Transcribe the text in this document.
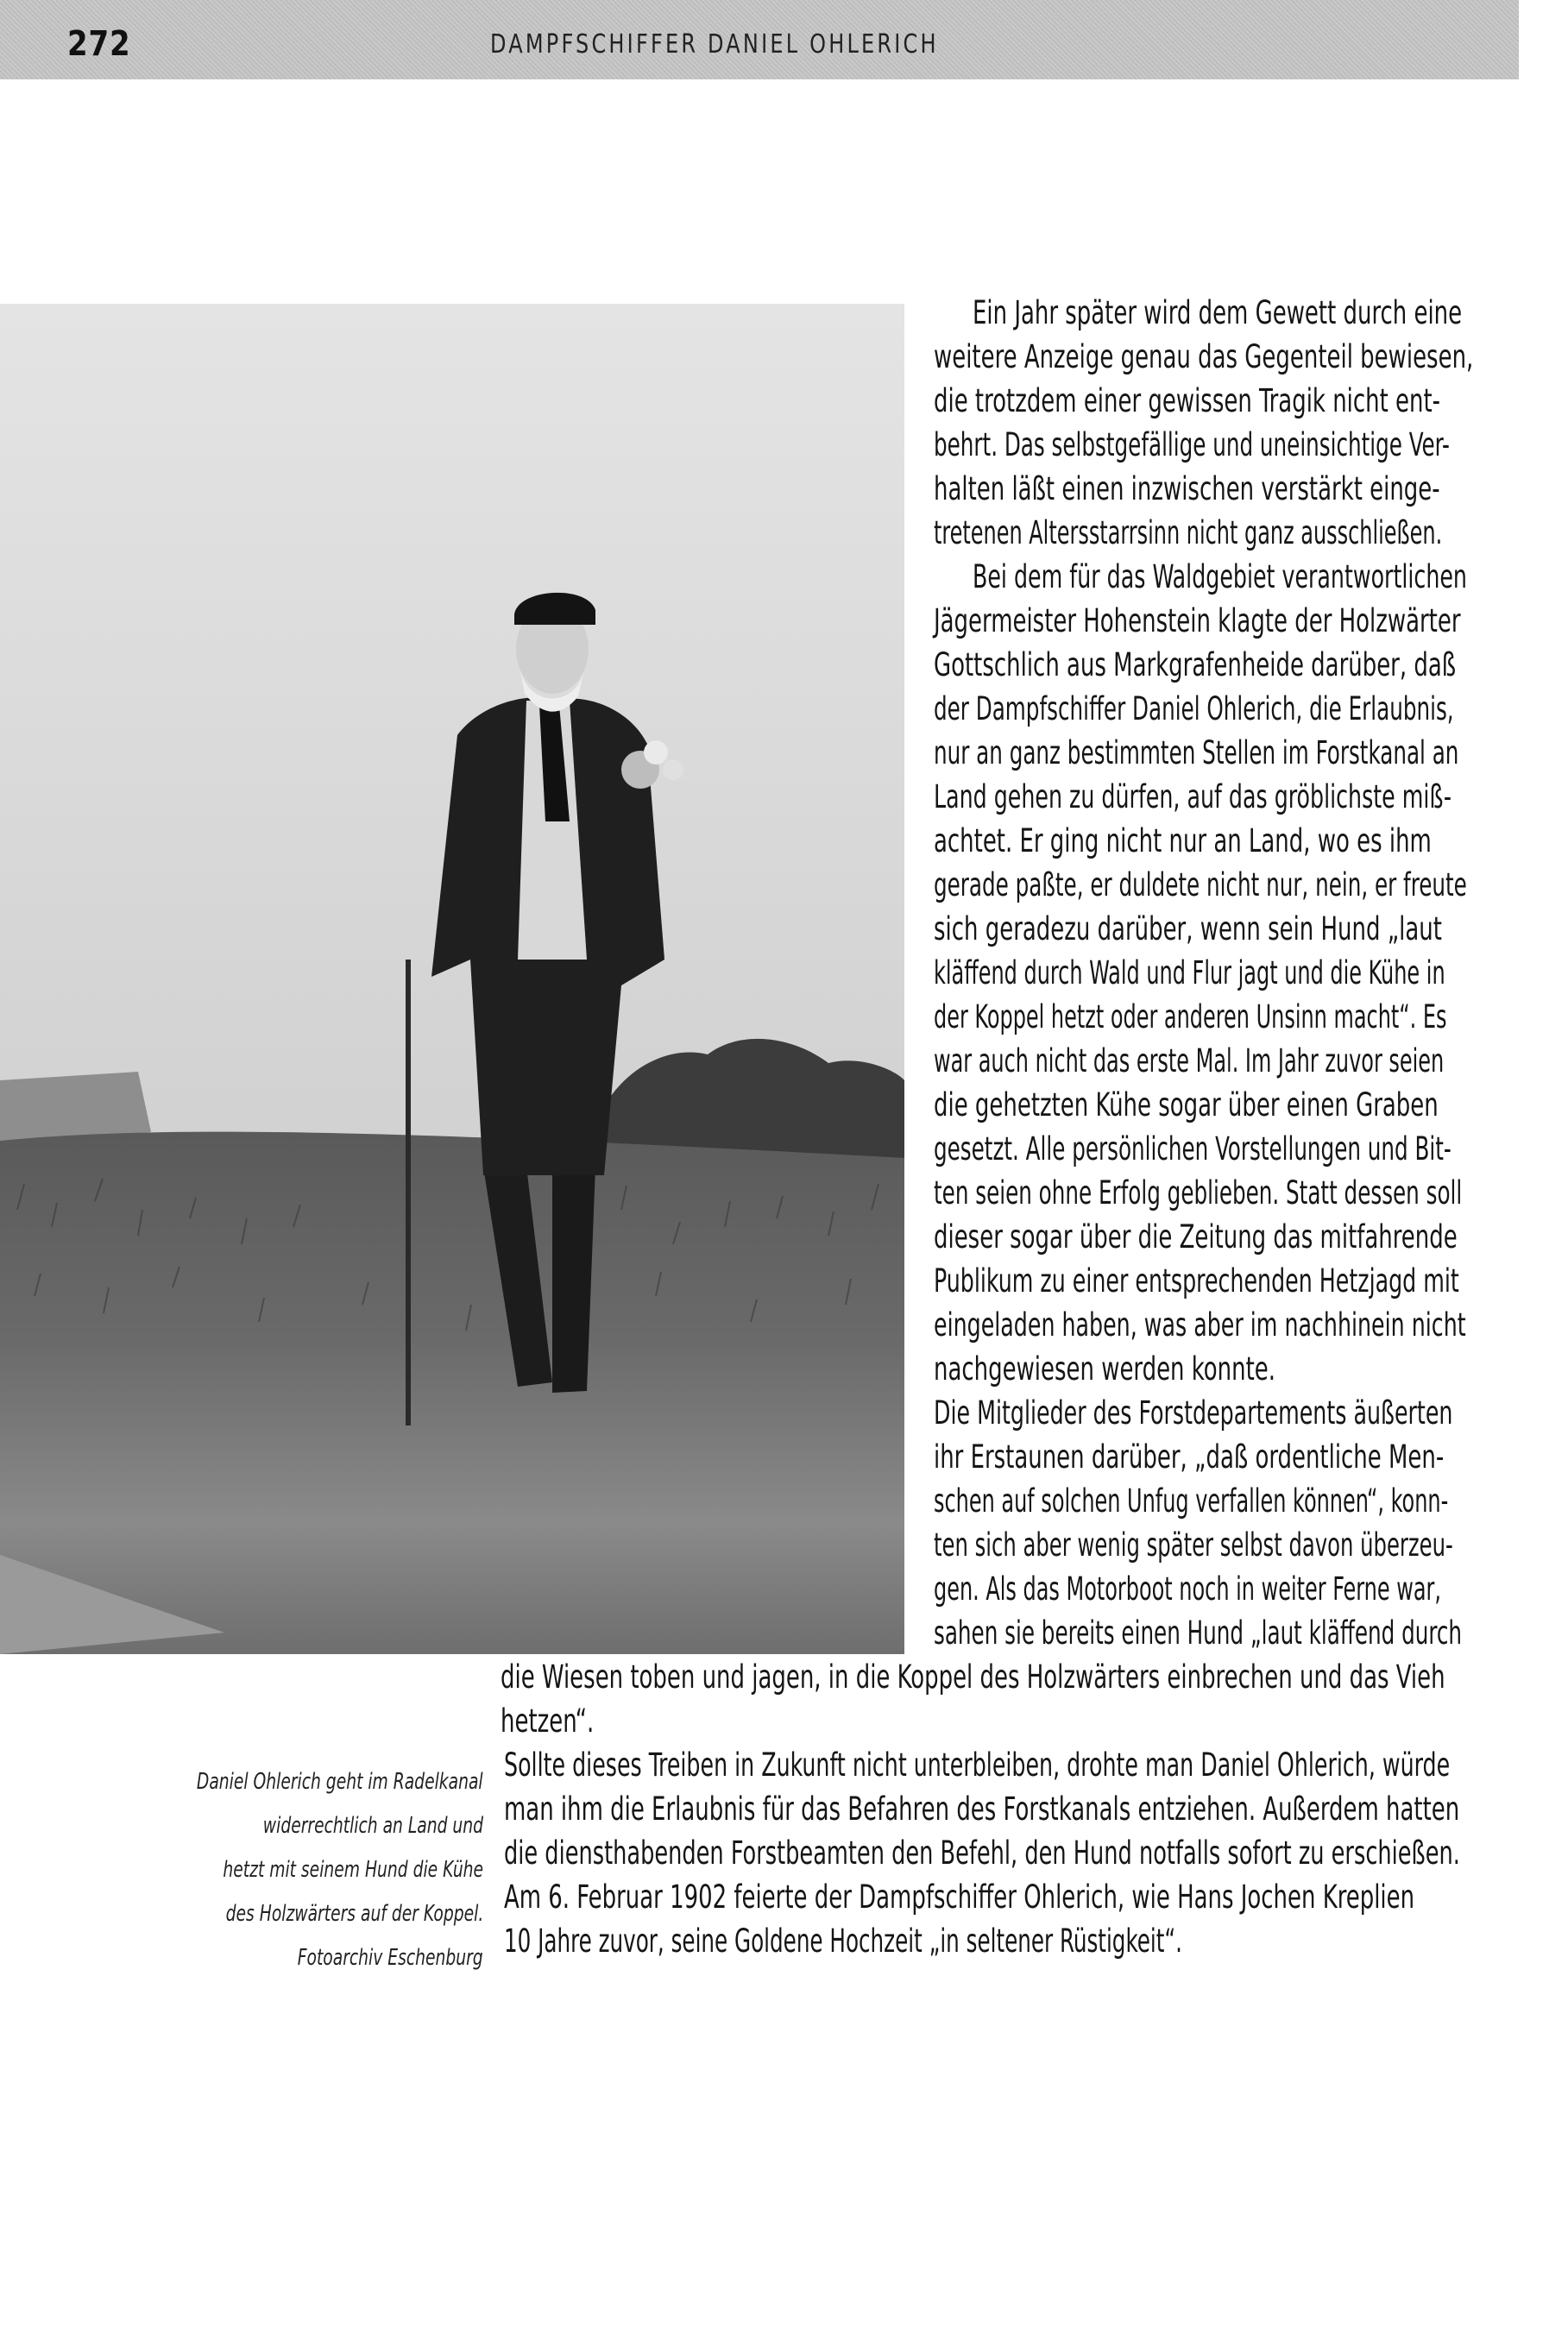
272	DAMPFSCHIFFER DANIEL OHLERICH
Ein Jahr später wird dem Gewett durch eine
weitere Anzeige genau das Gegenteil bewiesen,
die trotzdem einer gewissen Tragik nicht ent-
behrt. Das selbstgefällige und uneinsichtige Ver-
halten läßt einen inzwischen verstärkt einge-
tretenen Altersstarrsinn nicht ganz ausschließen.
Bei dem für das Waldgebiet verantwortlichen
Jägermeister Hohenstein klagte der Holzwärter
Gottschlich aus Markgrafenheide darüber, daß
der Dampfschiffer Daniel Ohlerich, die Erlaubnis,
nur an ganz bestimmten Stellen im Forstkanal an
Land gehen zu dürfen, auf das gröblichste miß-
achtet. Er ging nicht nur an Land, wo es ihm
gerade paßte, er duldete nicht nur, nein, er freute
sich geradezu darüber, wenn sein Hund „laut
kläffend durch Wald und Flur jagt und die Kühe in
der Koppel hetzt oder anderen Unsinn macht“. Es
war auch nicht das erste Mal. Im Jahr zuvor seien
die gehetzten Kühe sogar über einen Graben
gesetzt. Alle persönlichen Vorstellungen und Bit-
ten seien ohne Erfolg geblieben. Statt dessen soll
dieser sogar über die Zeitung das mitfahrende
Publikum zu einer entsprechenden Hetzjagd mit
eingeladen haben, was aber im nachhinein nicht
nachgewiesen werden konnte.
Die Mitglieder des Forstdepartements äußerten
ihr Erstaunen darüber, „daß ordentliche Men-
schen auf solchen Unfug verfallen können“, konn-
ten sich aber wenig später selbst davon überzeu-
gen. Als das Motorboot noch in weiter Ferne war,
sahen sie bereits einen Hund „laut kläffend durch
die Wiesen toben und jagen, in die Koppel des Holzwärters einbrechen und das Vieh
hetzen“.
Sollte dieses Treiben in Zukunft nicht unterbleiben, drohte man Daniel Ohlerich, würde
man ihm die Erlaubnis für das Befahren des Forstkanals entziehen. Außerdem hatten
die diensthabenden Forstbeamten den Befehl, den Hund notfalls sofort zu erschießen.
Am 6. Februar 1902 feierte der Dampfschiffer Ohlerich, wie Hans Jochen Kreplien
10 Jahre zuvor, seine Goldene Hochzeit „in seltener Rüstigkeit“.
Daniel Ohlerich geht im Radelkanal
widerrechtlich an Land und
hetzt mit seinem Hund die Kühe
des Holzwärters auf der Koppel.
Fotoarchiv Eschenburg
